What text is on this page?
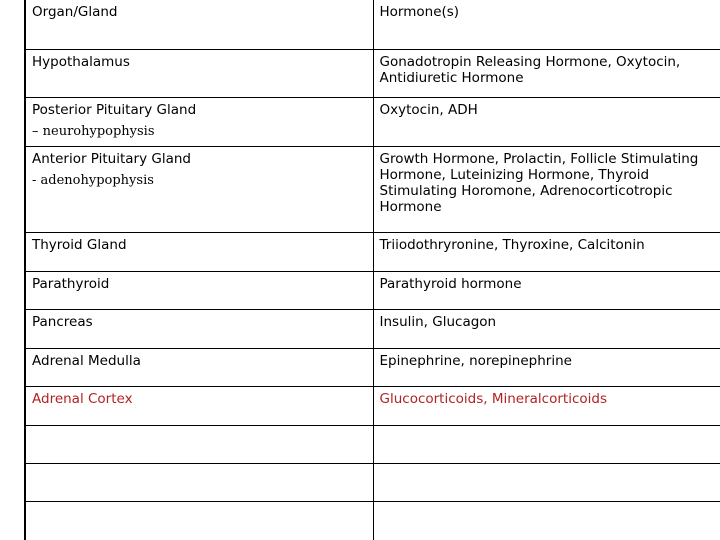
Organ/Gland	Hormone(s)
Hypothalamus	Gonadotropin Releasing Hormone, Oxytocin, Antidiuretic Hormone
Posterior Pituitary Gland
– neurohypophysis	Oxytocin, ADH
Anterior Pituitary Gland
- adenohypophysis	Growth Hormone, Prolactin, Follicle Stimulating Hormone, Luteinizing Hormone, Thyroid Stimulating Horomone, Adrenocorticotropic Hormone
Thyroid Gland	Triiodothryronine, Thyroxine, Calcitonin
Parathyroid	Parathyroid hormone
Pancreas	Insulin, Glucagon
Adrenal Medulla	Epinephrine, norepinephrine
Adrenal Cortex	Glucocorticoids, Mineralcorticoids
